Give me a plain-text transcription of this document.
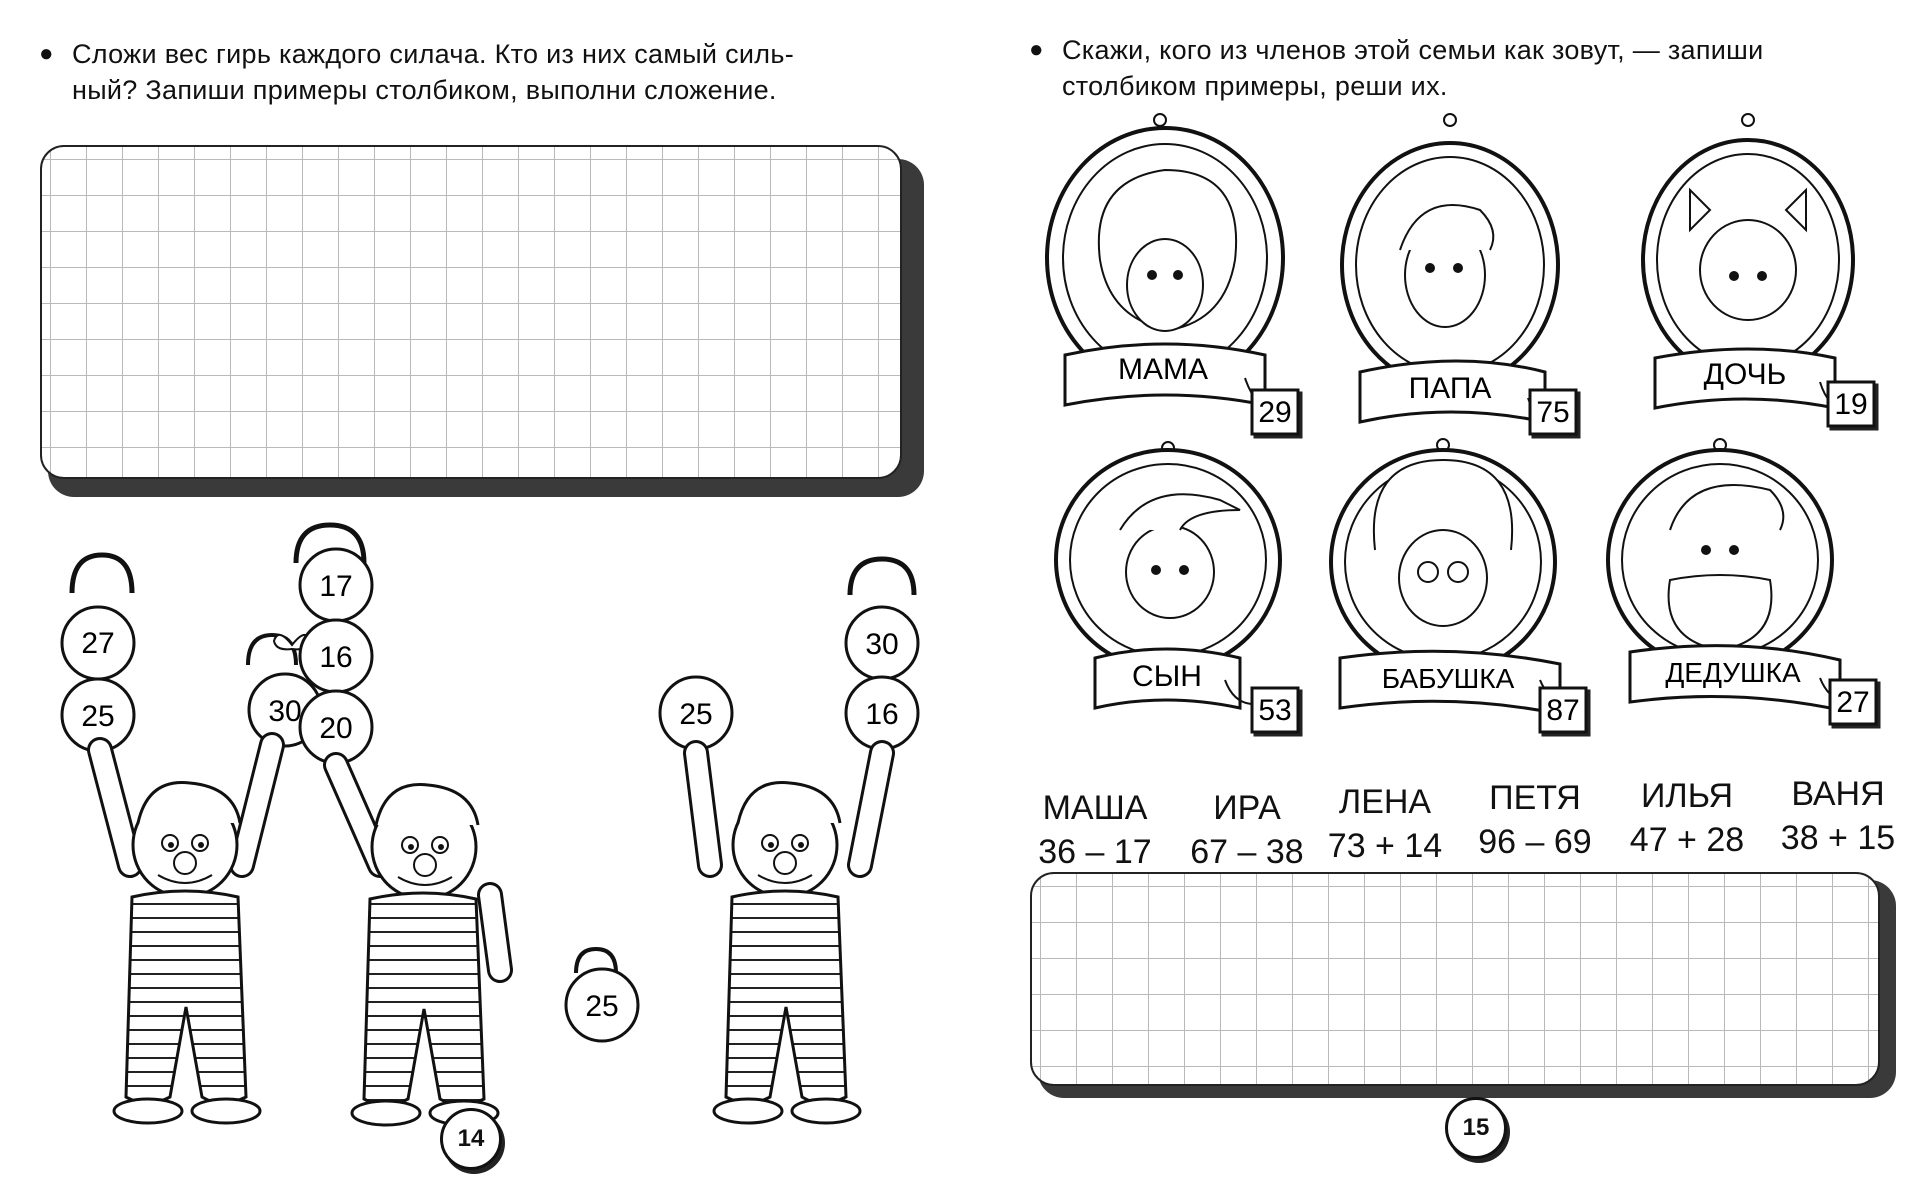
● Сложи вес гирь каждого силача. Кто из них самый силь-
ный? Запиши примеры столбиком, выполни сложение.
27
25	30
17
16
20
25
25
30
16
14
● Скажи, кого из членов этой семьи как зовут, — запиши
столбиком примеры, реши их.
МАМА
29
ПАПА
75
ДОЧЬ
19
СЫН
53
БАБУШКА
87
ДЕДУШКА
27
МАША
36 – 17
ИРА
67 – 38
ЛЕНА
73 + 14
ПЕТЯ
96 – 69
ИЛЬЯ
47 + 28
ВАНЯ
38 + 15
15
